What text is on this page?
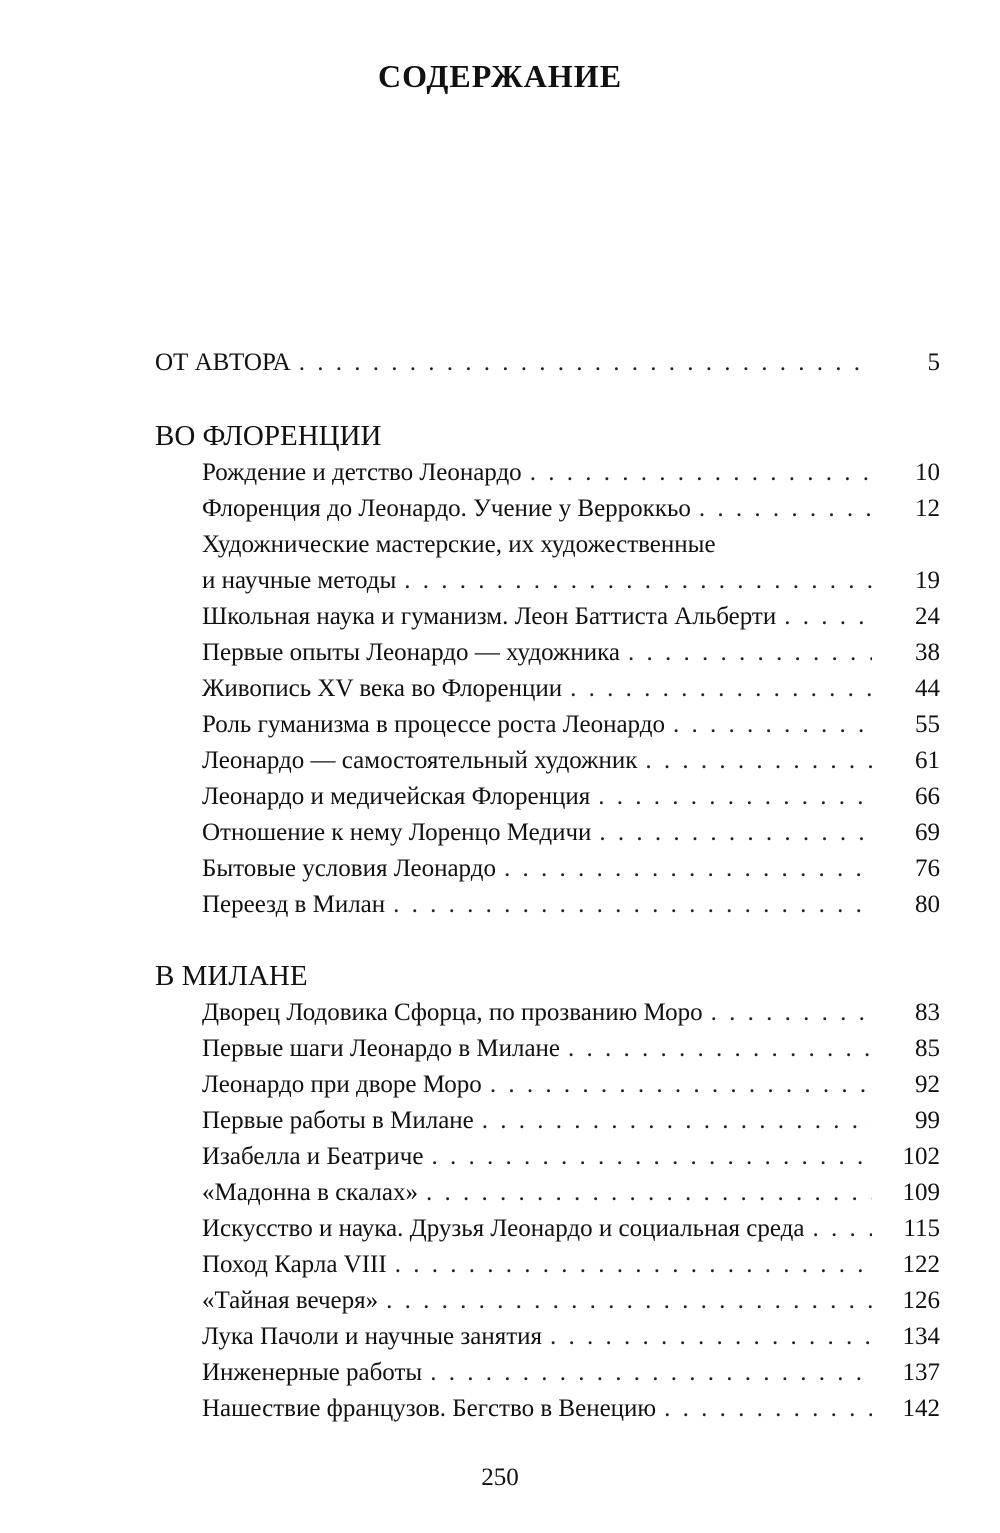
СОДЕРЖАНИЕ
ОТ АВТОРА . . .	5
ВО ФЛОРЕНЦИИ
Рождение и детство Леонардо . . .	10
Флоренция до Леонардо. Учение у Верроккьо . . .	12
Художнические мастерские, их художественные
и научные методы . . .	19
Школьная наука и гуманизм. Леон Баттиста Альберти . . .	24
Первые опыты Леонардо — художника . . .	38
Живопись XV века во Флоренции . . .	44
Роль гуманизма в процессе роста Леонардо . . .	55
Леонардо — самостоятельный художник . . .	61
Леонардо и медичейская Флоренция . . .	66
Отношение к нему Лоренцо Медичи . . .	69
Бытовые условия Леонардо . . .	76
Переезд в Милан . . .	80
В МИЛАНЕ
Дворец Лодовика Сфорца, по прозванию Моро . . .	83
Первые шаги Леонардо в Милане . . .	85
Леонардо при дворе Моро . . .	92
Первые работы в Милане . . .	99
Изабелла и Беатриче . . .	102
«Мадонна в скалах» . . .	109
Искусство и наука. Друзья Леонардо и социальная среда . . .	115
Поход Карла VIII . . .	122
«Тайная вечеря» . . .	126
Лука Пачоли и научные занятия . . .	134
Инженерные работы . . .	137
Нашествие французов. Бегство в Венецию . . .	142
250
